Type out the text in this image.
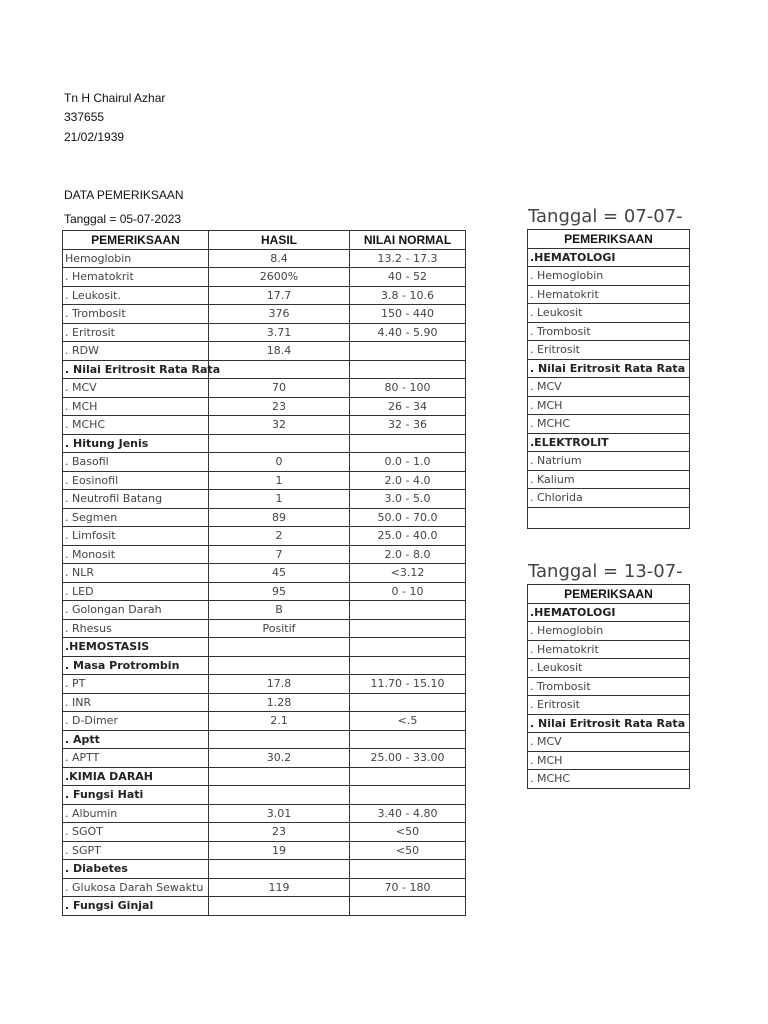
Tn H Chairul Azhar
337655
21/02/1939
DATA PEMERIKSAAN
Tanggal = 05-07-2023
PEMERIKSAAN	HASIL	NILAI NORMAL
Hemoglobin	8.4	13.2 - 17.3
. Hematokrit	2600%	40 - 52
. Leukosit.	17.7	3.8 - 10.6
. Trombosit	376	150 - 440
. Eritrosit	3.71	4.40 - 5.90
. RDW	18.4	
. Nilai Eritrosit Rata Rata		
. MCV	70	80 - 100
. MCH	23	26 - 34
. MCHC	32	32 - 36
. Hitung Jenis		
. Basofil	0	0.0 - 1.0
. Eosinofil	1	2.0 - 4.0
. Neutrofil Batang	1	3.0 - 5.0
. Segmen	89	50.0 - 70.0
. Limfosit	2	25.0 - 40.0
. Monosit	7	2.0 - 8.0
. NLR	45	<3.12
. LED	95	0 - 10
. Golongan Darah	B	
. Rhesus	Positif	
.HEMOSTASIS		
. Masa Protrombin		
. PT	17.8	11.70 - 15.10
. INR	1.28	
. D-Dimer	2.1	<.5
. Aptt		
. APTT	30.2	25.00 - 33.00
.KIMIA DARAH		
. Fungsi Hati		
. Albumin	3.01	3.40 - 4.80
. SGOT	23	<50
. SGPT	19	<50
. Diabetes		
. Glukosa Darah Sewaktu	119	70 - 180
. Fungsi Ginjal		
Tanggal = 07-07-
PEMERIKSAAN
.HEMATOLOGI
. Hemoglobin
. Hematokrit
. Leukosit
. Trombosit
. Eritrosit
. Nilai Eritrosit Rata Rata
. MCV
. MCH
. MCHC
.ELEKTROLIT
. Natrium
. Kalium
. Chlorida

Tanggal = 13-07-
PEMERIKSAAN
.HEMATOLOGI
. Hemoglobin
. Hematokrit
. Leukosit
. Trombosit
. Eritrosit
. Nilai Eritrosit Rata Rata
. MCV
. MCH
. MCHC
